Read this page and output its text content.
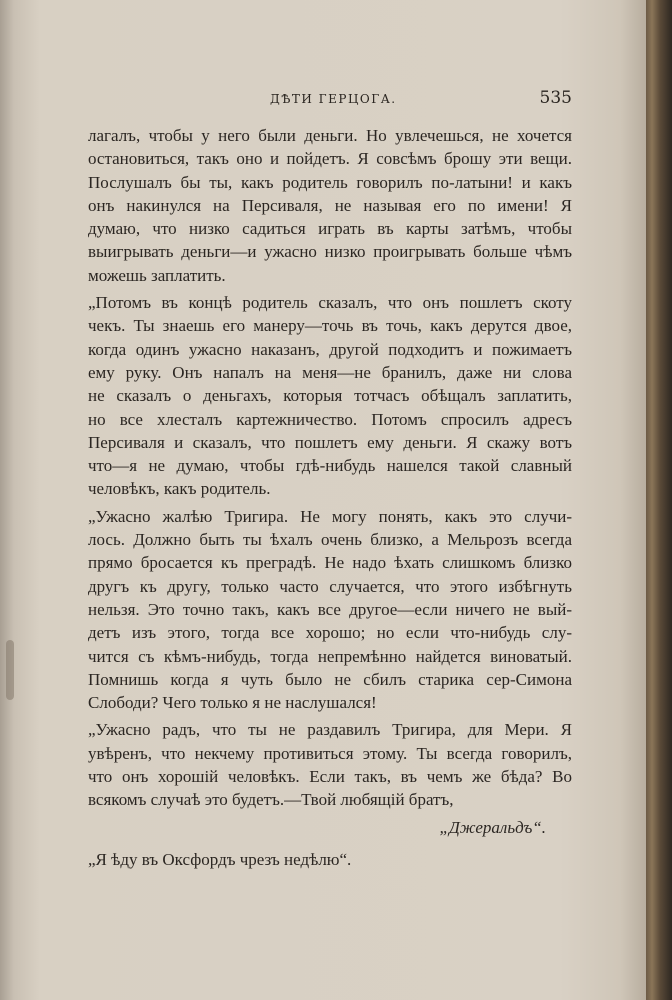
ДѢТИ ГЕРЦОГА.	535
лагалъ, чтобы у него были деньги. Но увлечешься, не хочется
остановиться, такъ оно и пойдетъ. Я совсѣмъ брошу эти вещи.
Послушалъ бы ты, какъ родитель говорилъ по-латыни! и какъ
онъ накинулся на Персиваля, не называя его по имени! Я
думаю, что низко садиться играть въ карты затѣмъ, чтобы
выигрывать деньги—и ужасно низко проигрывать больше чѣмъ
можешь заплатить.
„Потомъ въ концѣ родитель сказалъ, что онъ пошлетъ скоту
чекъ. Ты знаешь его манеру—точь въ точь, какъ дерутся двое,
когда одинъ ужасно наказанъ, другой подходитъ и пожимаетъ
ему руку. Онъ напалъ на меня—не бранилъ, даже ни слова
не сказалъ о деньгахъ, которыя тотчасъ обѣщалъ заплатить,
но все хлесталъ картежничество. Потомъ спросилъ адресъ
Персиваля и сказалъ, что пошлетъ ему деньги. Я скажу вотъ
что—я не думаю, чтобы гдѣ-нибудь нашелся такой славный
человѣкъ, какъ родитель.
„Ужасно жалѣю Тригира. Не могу понять, какъ это случи-
лось. Должно быть ты ѣхалъ очень близко, а Мельрозъ всегда
прямо бросается къ преградѣ. Не надо ѣхать слишкомъ близко
другъ къ другу, только часто случается, что этого избѣгнуть
нельзя. Это точно такъ, какъ все другое—если ничего не вый-
детъ изъ этого, тогда все хорошо; но если что-нибудь слу-
чится съ кѣмъ-нибудь, тогда непремѣнно найдется виноватый.
Помнишь когда я чуть было не сбилъ старика сер-Симона
Слободи? Чего только я не наслушался!
„Ужасно радъ, что ты не раздавилъ Тригира, для Мери. Я
увѣренъ, что некчему противиться этому. Ты всегда говорилъ,
что онъ хорошій человѣкъ. Если такъ, въ чемъ же бѣда? Во
всякомъ случаѣ это будетъ.—Твой любящій братъ,
„Джеральдъ“.
„Я ѣду въ Оксфордъ чрезъ недѣлю“.
